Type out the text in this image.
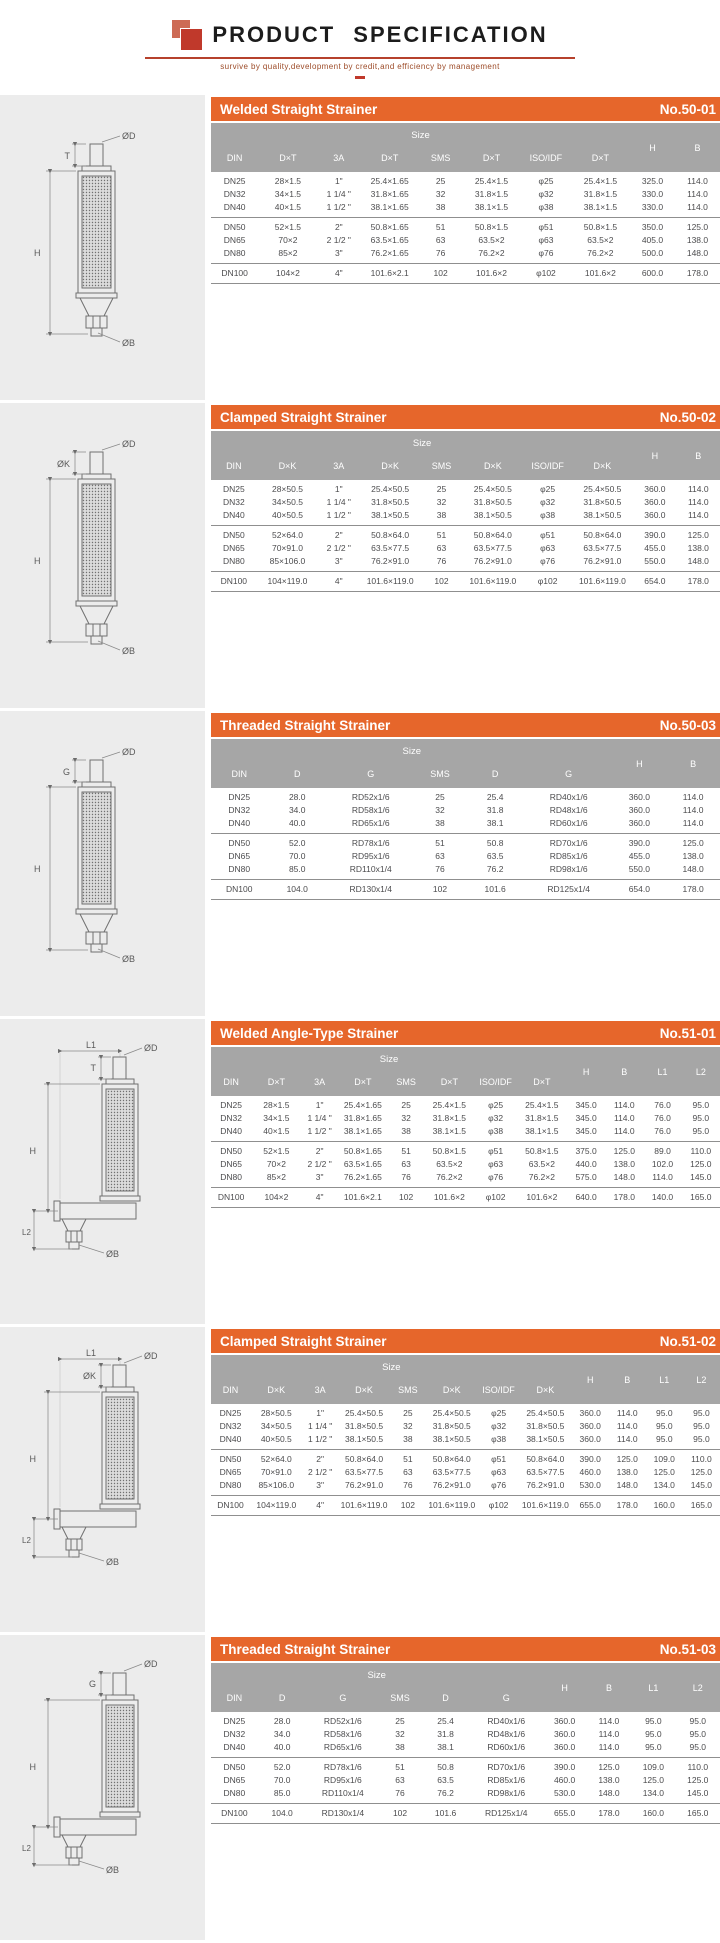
PRODUCT SPECIFICATION
survive by quality,development by credit,and efficiency by management
T
ØD
H
ØB
Welded Straight Strainer	No.50-01
Size								H	B
DIN	D×T	3A	D×T	SMS	D×T	ISO/IDF	D×T		
DN25	28×1.5	1"	25.4×1.65	25	25.4×1.5	φ25	25.4×1.5	325.0	114.0
DN32	34×1.5	1 1/4 "	31.8×1.65	32	31.8×1.5	φ32	31.8×1.5	330.0	114.0
DN40	40×1.5	1 1/2 "	38.1×1.65	38	38.1×1.5	φ38	38.1×1.5	330.0	114.0
DN50	52×1.5	2"	50.8×1.65	51	50.8×1.5	φ51	50.8×1.5	350.0	125.0
DN65	70×2	2 1/2 "	63.5×1.65	63	63.5×2	φ63	63.5×2	405.0	138.0
DN80	85×2	3"	76.2×1.65	76	76.2×2	φ76	76.2×2	500.0	148.0
DN100	104×2	4"	101.6×2.1	102	101.6×2	φ102	101.6×2	600.0	178.0
ØK
ØD
H
ØB
Clamped Straight Strainer	No.50-02
Size								H	B
DIN	D×K	3A	D×K	SMS	D×K	ISO/IDF	D×K		
DN25	28×50.5	1"	25.4×50.5	25	25.4×50.5	φ25	25.4×50.5	360.0	114.0
DN32	34×50.5	1 1/4 "	31.8×50.5	32	31.8×50.5	φ32	31.8×50.5	360.0	114.0
DN40	40×50.5	1 1/2 "	38.1×50.5	38	38.1×50.5	φ38	38.1×50.5	360.0	114.0
DN50	52×64.0	2"	50.8×64.0	51	50.8×64.0	φ51	50.8×64.0	390.0	125.0
DN65	70×91.0	2 1/2 "	63.5×77.5	63	63.5×77.5	φ63	63.5×77.5	455.0	138.0
DN80	85×106.0	3"	76.2×91.0	76	76.2×91.0	φ76	76.2×91.0	550.0	148.0
DN100	104×119.0	4"	101.6×119.0	102	101.6×119.0	φ102	101.6×119.0	654.0	178.0
G
ØD
H
ØB
Threaded Straight Strainer	No.50-03
Size						H	B
DIN	D	G	SMS	D	G		
DN25	28.0	RD52x1/6	25	25.4	RD40x1/6	360.0	114.0
DN32	34.0	RD58x1/6	32	31.8	RD48x1/6	360.0	114.0
DN40	40.0	RD65x1/6	38	38.1	RD60x1/6	360.0	114.0
DN50	52.0	RD78x1/6	51	50.8	RD70x1/6	390.0	125.0
DN65	70.0	RD95x1/6	63	63.5	RD85x1/6	455.0	138.0
DN80	85.0	RD110x1/4	76	76.2	RD98x1/6	550.0	148.0
DN100	104.0	RD130x1/4	102	101.6	RD125x1/4	654.0	178.0
L1
T
ØD
H
L2
ØB
Welded Angle-Type Strainer	No.51-01
Size								H	B	L1	L2
DIN	D×T	3A	D×T	SMS	D×T	ISO/IDF	D×T				
DN25	28×1.5	1"	25.4×1.65	25	25.4×1.5	φ25	25.4×1.5	345.0	114.0	76.0	95.0
DN32	34×1.5	1 1/4 "	31.8×1.65	32	31.8×1.5	φ32	31.8×1.5	345.0	114.0	76.0	95.0
DN40	40×1.5	1 1/2 "	38.1×1.65	38	38.1×1.5	φ38	38.1×1.5	345.0	114.0	76.0	95.0
DN50	52×1.5	2"	50.8×1.65	51	50.8×1.5	φ51	50.8×1.5	375.0	125.0	89.0	110.0
DN65	70×2	2 1/2 "	63.5×1.65	63	63.5×2	φ63	63.5×2	440.0	138.0	102.0	125.0
DN80	85×2	3"	76.2×1.65	76	76.2×2	φ76	76.2×2	575.0	148.0	114.0	145.0
DN100	104×2	4"	101.6×2.1	102	101.6×2	φ102	101.6×2	640.0	178.0	140.0	165.0
L1
ØK
ØD
H
L2
ØB
Clamped Straight Strainer	No.51-02
Size								H	B	L1	L2
DIN	D×K	3A	D×K	SMS	D×K	ISO/IDF	D×K				
DN25	28×50.5	1"	25.4×50.5	25	25.4×50.5	φ25	25.4×50.5	360.0	114.0	95.0	95.0
DN32	34×50.5	1 1/4 "	31.8×50.5	32	31.8×50.5	φ32	31.8×50.5	360.0	114.0	95.0	95.0
DN40	40×50.5	1 1/2 "	38.1×50.5	38	38.1×50.5	φ38	38.1×50.5	360.0	114.0	95.0	95.0
DN50	52×64.0	2"	50.8×64.0	51	50.8×64.0	φ51	50.8×64.0	390.0	125.0	109.0	110.0
DN65	70×91.0	2 1/2 "	63.5×77.5	63	63.5×77.5	φ63	63.5×77.5	460.0	138.0	125.0	125.0
DN80	85×106.0	3"	76.2×91.0	76	76.2×91.0	φ76	76.2×91.0	530.0	148.0	134.0	145.0
DN100	104×119.0	4"	101.6×119.0	102	101.6×119.0	φ102	101.6×119.0	655.0	178.0	160.0	165.0
G
ØD
H
L2
ØB
Threaded Straight Strainer	No.51-03
Size						H	B	L1	L2
DIN	D	G	SMS	D	G				
DN25	28.0	RD52x1/6	25	25.4	RD40x1/6	360.0	114.0	95.0	95.0
DN32	34.0	RD58x1/6	32	31.8	RD48x1/6	360.0	114.0	95.0	95.0
DN40	40.0	RD65x1/6	38	38.1	RD60x1/6	360.0	114.0	95.0	95.0
DN50	52.0	RD78x1/6	51	50.8	RD70x1/6	390.0	125.0	109.0	110.0
DN65	70.0	RD95x1/6	63	63.5	RD85x1/6	460.0	138.0	125.0	125.0
DN80	85.0	RD110x1/4	76	76.2	RD98x1/6	530.0	148.0	134.0	145.0
DN100	104.0	RD130x1/4	102	101.6	RD125x1/4	655.0	178.0	160.0	165.0
